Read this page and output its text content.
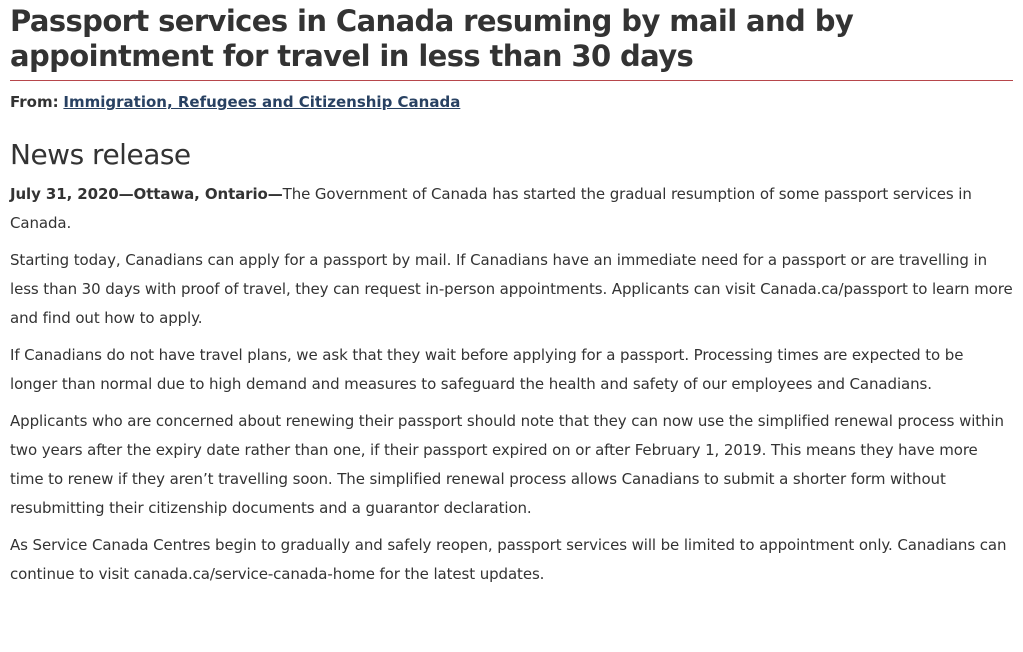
Passport services in Canada resuming by mail and by appointment for travel in less than 30 days
From: Immigration, Refugees and Citizenship Canada
News release

July 31, 2020—Ottawa, Ontario—The Government of Canada has started the gradual resumption of some passport services in Canada.

Starting today, Canadians can apply for a passport by mail. If Canadians have an immediate need for a passport or are travelling in less than 30 days with proof of travel, they can request in-person appointments. Applicants can visit Canada.ca/passport to learn more and find out how to apply.

If Canadians do not have travel plans, we ask that they wait before applying for a passport. Processing times are expected to be longer than normal due to high demand and measures to safeguard the health and safety of our employees and Canadians.

Applicants who are concerned about renewing their passport should note that they can now use the simplified renewal process within two years after the expiry date rather than one, if their passport expired on or after February 1, 2019. This means they have more time to renew if they aren’t travelling soon. The simplified renewal process allows Canadians to submit a shorter form without resubmitting their citizenship documents and a guarantor declaration.

As Service Canada Centres begin to gradually and safely reopen, passport services will be limited to appointment only. Canadians can continue to visit canada.ca/service-canada-home for the latest updates.
